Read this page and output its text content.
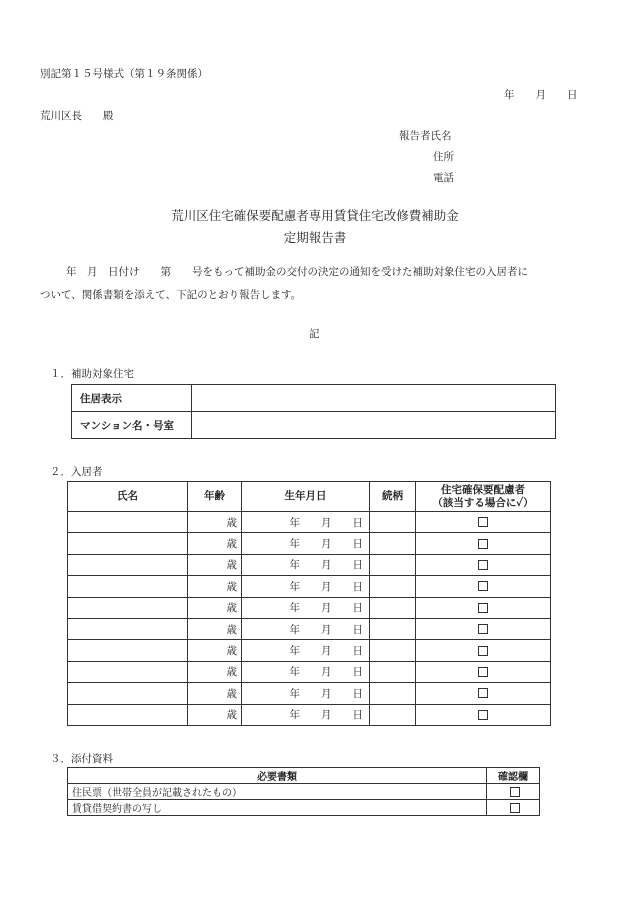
別記第１５号様式（第１９条関係）
年　　月　　日
荒川区長　　殿
報告者氏名
住所
電話
荒川区住宅確保要配慮者専用賃貸住宅改修費補助金
定期報告書
年　月　日付け　　第　　号をもって補助金の交付の決定の通知を受けた補助対象住宅の入居者に
ついて、関係書類を添えて、下記のとおり報告します。
記
１．補助対象住宅
住居表示	
マンション名・号室	
２．入居者
氏名	年齢	生年月日	続柄	住宅確保要配慮者
（該当する場合に✓）

	歳	年　　月　　日		
	歳	年　　月　　日		
	歳	年　　月　　日		
	歳	年　　月　　日		
	歳	年　　月　　日		
	歳	年　　月　　日		
	歳	年　　月　　日		
	歳	年　　月　　日		
	歳	年　　月　　日		
	歳	年　　月　　日		
３．添付資料
必要書類	確認欄
住民票（世帯全員が記載されたもの）	
賃貸借契約書の写し	
